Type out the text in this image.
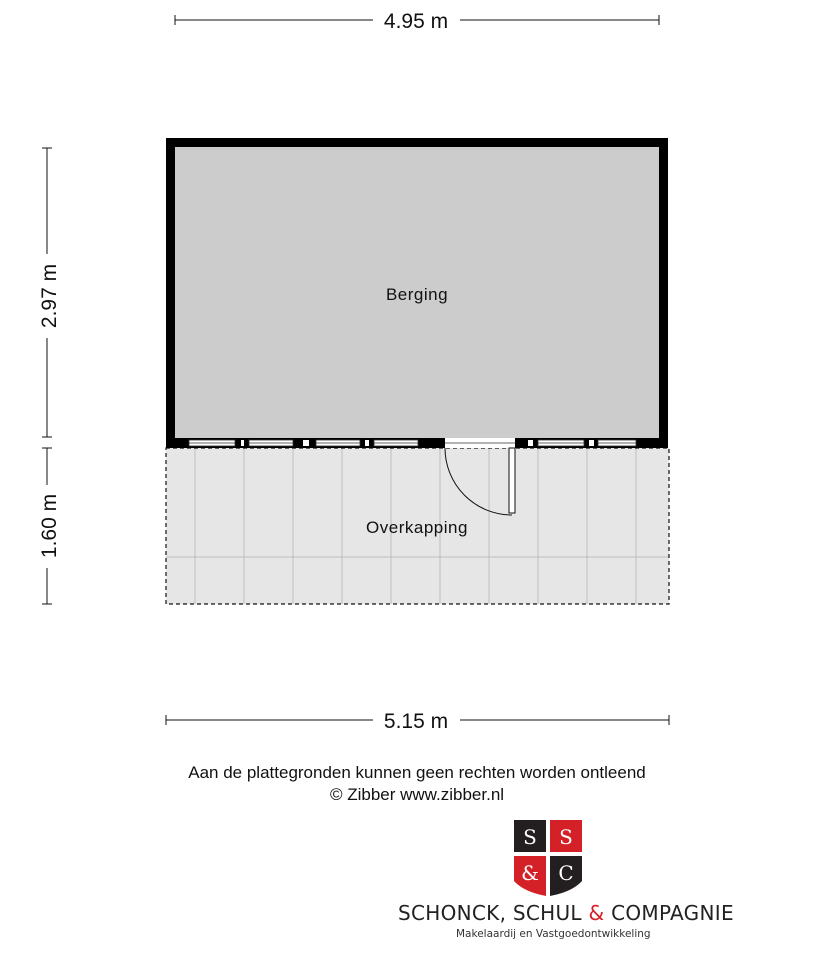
4.95 m
2.97 m
1.60 m
Berging
Overkapping
5.15 m
S S
& C
Aan de plattegronden kunnen geen rechten worden ontleend
© Zibber www.zibber.nl
SCHONCK, SCHUL & COMPAGNIE
Makelaardij en Vastgoedontwikkeling
